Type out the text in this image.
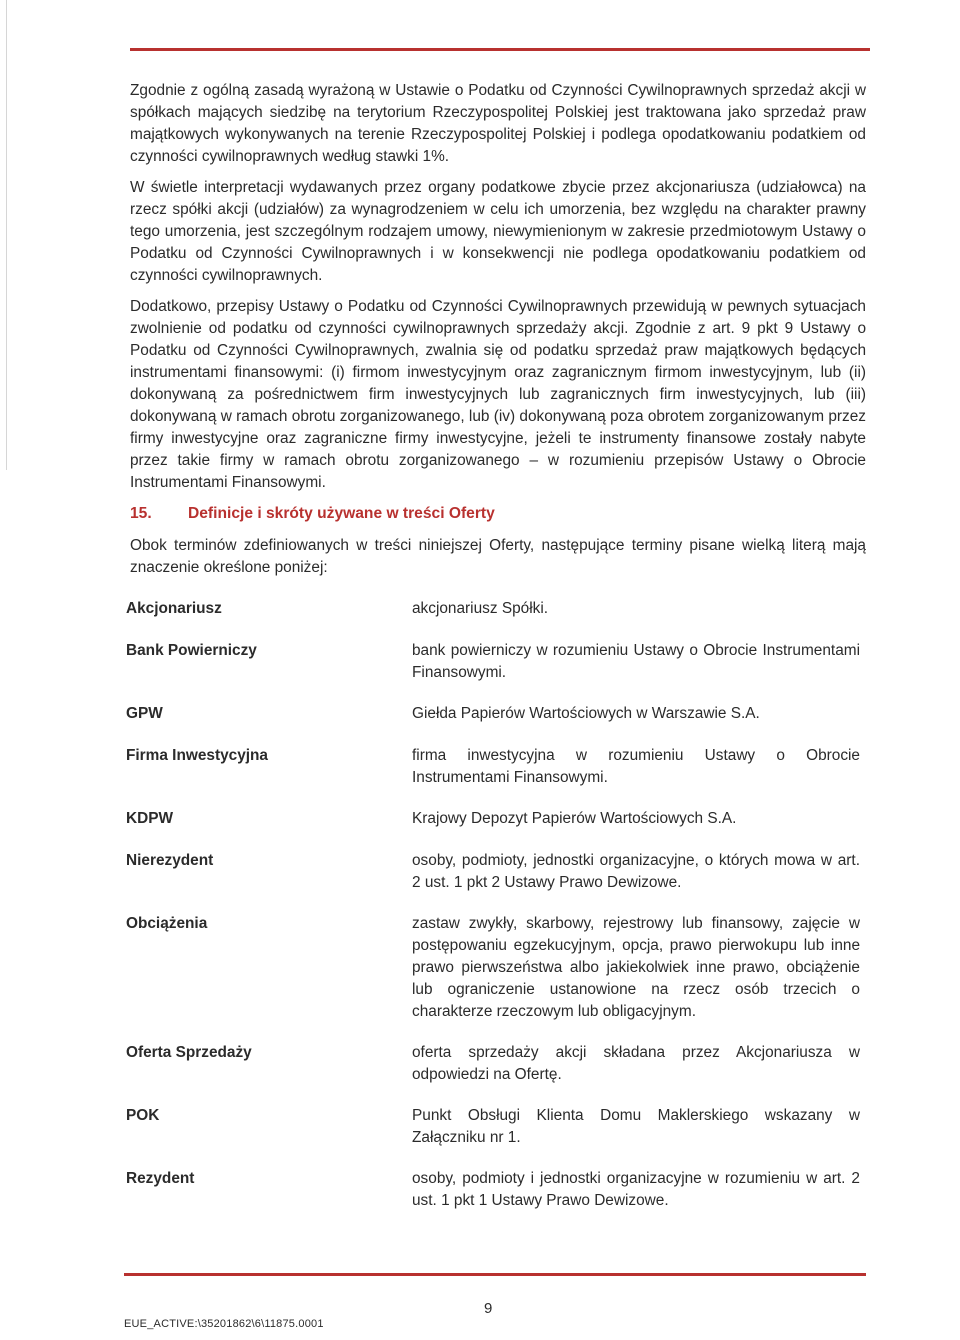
Zgodnie z ogólną zasadą wyrażoną w Ustawie o Podatku od Czynności Cywilnoprawnych sprzedaż akcji w spółkach mających siedzibę na terytorium Rzeczypospolitej Polskiej jest traktowana jako sprzedaż praw majątkowych wykonywanych na terenie Rzeczypospolitej Polskiej i podlega opodatkowaniu podatkiem od czynności cywilnoprawnych według stawki 1%.

W świetle interpretacji wydawanych przez organy podatkowe zbycie przez akcjonariusza (udziałowca) na rzecz spółki akcji (udziałów) za wynagrodzeniem w celu ich umorzenia, bez względu na charakter prawny tego umorzenia, jest szczególnym rodzajem umowy, niewymienionym w zakresie przedmiotowym Ustawy o Podatku od Czynności Cywilnoprawnych i w konsekwencji nie podlega opodatkowaniu podatkiem od czynności cywilnoprawnych.

Dodatkowo, przepisy Ustawy o Podatku od Czynności Cywilnoprawnych przewidują w pewnych sytuacjach zwolnienie od podatku od czynności cywilnoprawnych sprzedaży akcji. Zgodnie z art. 9 pkt 9 Ustawy o Podatku od Czynności Cywilnoprawnych, zwalnia się od podatku sprzedaż praw majątkowych będących instrumentami finansowymi: (i) firmom inwestycyjnym oraz zagranicznym firmom inwestycyjnym, lub (ii) dokonywaną za pośrednictwem firm inwestycyjnych lub zagranicznych firm inwestycyjnych, lub (iii) dokonywaną w ramach obrotu zorganizowanego, lub (iv) dokonywaną poza obrotem zorganizowanym przez firmy inwestycyjne oraz zagraniczne firmy inwestycyjne, jeżeli te instrumenty finansowe zostały nabyte przez takie firmy w ramach obrotu zorganizowanego – w rozumieniu przepisów Ustawy o Obrocie Instrumentami Finansowymi.

15.	Definicje i skróty używane w treści Oferty

Obok terminów zdefiniowanych w treści niniejszej Oferty, następujące terminy pisane wielką literą mają znaczenie określone poniżej:

Akcjonariusz	akcjonariusz Spółki.
Bank Powierniczy	bank powierniczy w rozumieniu Ustawy o Obrocie Instrumentami Finansowymi.
GPW	Giełda Papierów Wartościowych w Warszawie S.A.
Firma Inwestycyjna	firma inwestycyjna w rozumieniu Ustawy o Obrocie Instrumentami Finansowymi.
KDPW	Krajowy Depozyt Papierów Wartościowych S.A.
Nierezydent	osoby, podmioty, jednostki organizacyjne, o których mowa w art. 2 ust. 1 pkt 2 Ustawy Prawo Dewizowe.
Obciążenia	zastaw zwykły, skarbowy, rejestrowy lub finansowy, zajęcie w postępowaniu egzekucyjnym, opcja, prawo pierwokupu lub inne prawo pierwszeństwa albo jakiekolwiek inne prawo, obciążenie lub ograniczenie ustanowione na rzecz osób trzecich o charakterze rzeczowym lub obligacyjnym.
Oferta Sprzedaży	oferta sprzedaży akcji składana przez Akcjonariusza w odpowiedzi na Ofertę.
POK	Punkt Obsługi Klienta Domu Maklerskiego wskazany w Załączniku nr 1.
Rezydent	osoby, podmioty i jednostki organizacyjne w rozumieniu w art. 2 ust. 1 pkt 1 Ustawy Prawo Dewizowe.
9
EUE_ACTIVE:\35201862\6\11875.0001
